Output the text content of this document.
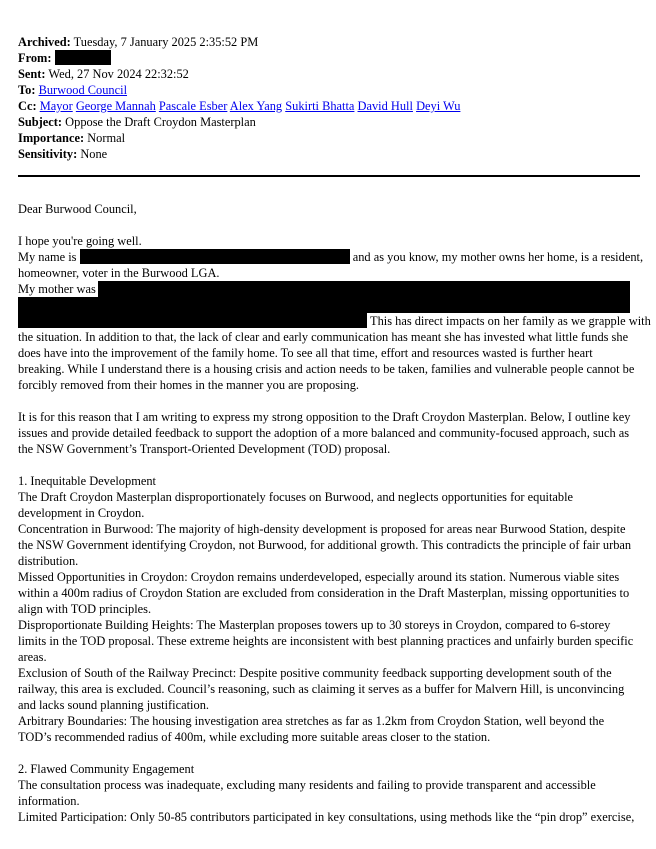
Archived: Tuesday, 7 January 2025 2:35:52 PM
From:
Sent: Wed, 27 Nov 2024 22:32:52
To: Burwood Council
Cc: Mayor George Mannah Pascale Esber Alex Yang Sukirti Bhatta David Hull Deyi Wu
Subject: Oppose the Draft Croydon Masterplan
Importance: Normal
Sensitivity: None

Dear Burwood Council,

I hope you're going well.

My name is	and as you know, my mother owns her home, is a resident,

homeowner, voter in the Burwood LGA.

My mother was
This has direct impacts on her family as we grapple with

the situation. In addition to that, the lack of clear and early communication has meant she has invested what little funds she does have into the improvement of the family home. To see all that time, effort and resources wasted is further heart breaking. While I understand there is a housing crisis and action needs to be taken, families and vulnerable people cannot be forcibly removed from their homes in the manner you are proposing.

It is for this reason that I am writing to express my strong opposition to the Draft Croydon Masterplan. Below, I outline key issues and provide detailed feedback to support the adoption of a more balanced and community-focused approach, such as the NSW Government’s Transport-Oriented Development (TOD) proposal.

1. Inequitable Development

The Draft Croydon Masterplan disproportionately focuses on Burwood, and neglects opportunities for equitable development in Croydon.

Concentration in Burwood: The majority of high-density development is proposed for areas near Burwood Station, despite the NSW Government identifying Croydon, not Burwood, for additional growth. This contradicts the principle of fair urban distribution.

Missed Opportunities in Croydon: Croydon remains underdeveloped, especially around its station. Numerous viable sites within a 400m radius of Croydon Station are excluded from consideration in the Draft Masterplan, missing opportunities to align with TOD principles.

Disproportionate Building Heights: The Masterplan proposes towers up to 30 storeys in Croydon, compared to 6-storey limits in the TOD proposal. These extreme heights are inconsistent with best planning practices and unfairly burden specific areas.

Exclusion of South of the Railway Precinct: Despite positive community feedback supporting development south of the railway, this area is excluded. Council’s reasoning, such as claiming it serves as a buffer for Malvern Hill, is unconvincing and lacks sound planning justification.

Arbitrary Boundaries: The housing investigation area stretches as far as 1.2km from Croydon Station, well beyond the TOD’s recommended radius of 400m, while excluding more suitable areas closer to the station.

2. Flawed Community Engagement

The consultation process was inadequate, excluding many residents and failing to provide transparent and accessible information.

Limited Participation: Only 50-85 contributors participated in key consultations, using methods like the “pin drop” exercise,
